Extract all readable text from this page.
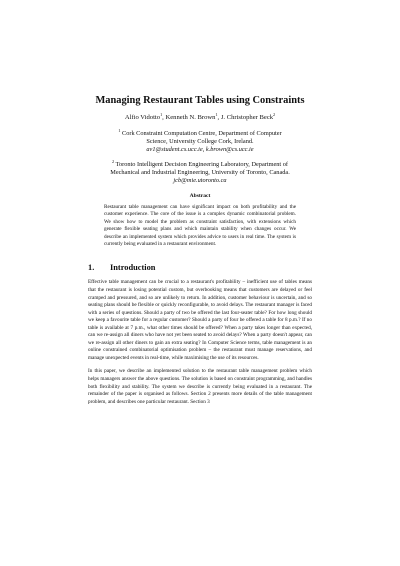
Managing Restaurant Tables using Constraints
Alfio Vidotto$^1$, Kenneth N. Brown$^1$, J. Christopher Beck$^2$
$^1$ Cork Constraint Computation Centre, Department of Computer
Science, University College Cork, Ireland.
av1@student.cs.ucc.ie, k.brown@cs.ucc.ie
$^2$ Toronto Intelligent Decision Engineering Laboratory, Department of
Mechanical and Industrial Engineering, University of Toronto, Canada.
jcb@mie.utoronto.ca
Abstract
Restaurant table management can have significant impact on both profitability and the customer experience. The core of the issue is a complex dynamic combinatorial problem. We show how to model the problem as constraint satisfaction, with extensions which generate flexible seating plans and which maintain stability when changes occur. We describe an implemented system which provides advice to users in real time. The system is currently being evaluated in a restaurant environment.
1. Introduction

Effective table management can be crucial to a restaurant's profitability – inefficient use of tables means that the restaurant is losing potential custom, but overbooking means that customers are delayed or feel cramped and pressured, and so are unlikely to return. In addition, customer behaviour is uncertain, and so seating plans should be flexible or quickly reconfigurable, to avoid delays. The restaurant manager is faced with a series of questions. Should a party of two be offered the last four-seater table? For how long should we keep a favourite table for a regular customer? Should a party of four be offered a table for 8 p.m.? If no table is available at 7 p.m., what other times should be offered? When a party takes longer than expected, can we re-assign all diners who have not yet been seated to avoid delays? When a party doesn't appear, can we re-assign all other diners to gain an extra seating? In Computer Science terms, table management is an online constrained combinatorial optimisation problem – the restaurant must manage reservations, and manage unexpected events in real-time, while maximising the use of its resources.

In this paper, we describe an implemented solution to the restaurant table management problem which helps managers answer the above questions. The solution is based on constraint programming, and handles both flexibility and stability. The system we describe is currently being evaluated in a restaurant. The remainder of the paper is organised as follows. Section 2 presents more details of the table management problem, and describes one particular restaurant. Section 3
